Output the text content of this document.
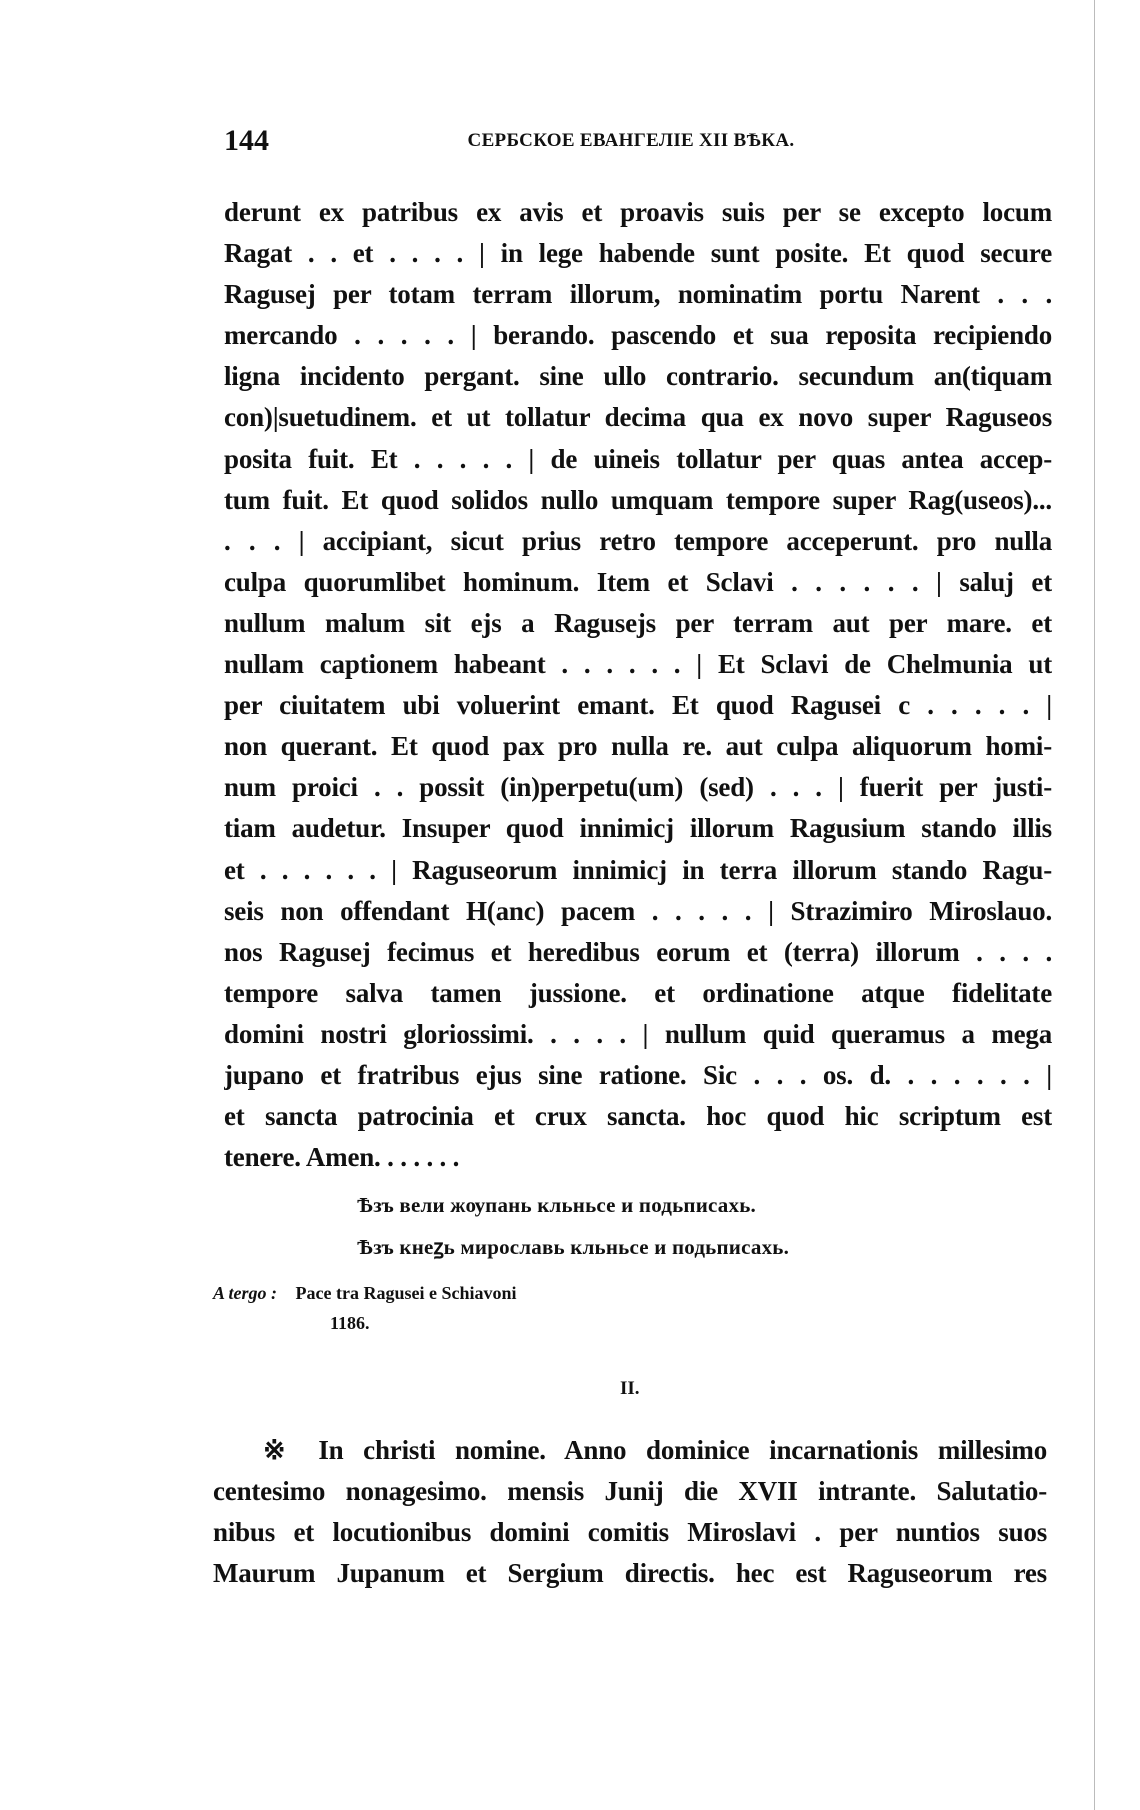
144	СЕРБСКОЕ ЕВАНГЕЛІЕ XII ВѢКА.
derunt ex patribus ex avis et proavis suis per se excepto locum
Ragat . . et . . . . | in lege habende sunt posite. Et quod secure
Ragusej per totam terram illorum, nominatim portu Narent . . .
mercando . . . . . | berando. pascendo et sua reposita recipiendo
ligna incidento pergant. sine ullo contrario. secundum an(tiquam
con)|suetudinem. et ut tollatur decima qua ex novo super Raguseos
posita fuit. Et . . . . . | de uineis tollatur per quas antea accep-
tum fuit. Et quod solidos nullo umquam tempore super Rag(useos)...
. . . | accipiant, sicut prius retro tempore acceperunt. pro nulla
culpa quorumlibet hominum. Item et Sclavi . . . . . . | saluj et
nullum malum sit ejs a Ragusejs per terram aut per mare. et
nullam captionem habeant . . . . . . | Et Sclavi de Chelmunia ut
per ciuitatem ubi voluerint emant. Et quod Ragusei c . . . . . |
non querant. Et quod pax pro nulla re. aut culpa aliquorum homi-
num proici . . possit (in)perpetu(um) (sed) . . . | fuerit per justi-
tiam audetur. Insuper quod innimicj illorum Ragusium stando illis
et . . . . . . | Raguseorum innimicj in terra illorum stando Ragu-
seis non offendant H(anc) pacem . . . . . | Strazimiro Miroslauo.
nos Ragusej fecimus et heredibus eorum et (terra) illorum . . . .
tempore salva tamen jussione. et ordinatione atque fidelitate
domini nostri gloriossimi. . . . . | nullum quid queramus a mega
jupano et fratribus ejus sine ratione. Sic . . . os. d. . . . . . . |
et sancta patrocinia et crux sancta. hoc quod hic scriptum est
tenere. Amen. . . . . . .
Ѣзъ вели жѹпань кльньсе и подьписахь.
Ѣзъ кнеꙁь мирославь кльньсе и подьписахь.
A tergo : Pace tra Ragusei e Schiavoni
1186.
II.
※ In christi nomine. Anno dominice incarnationis millesimo
centesimo nonagesimo. mensis Junij die XVII intrante. Salutatio-
nibus et locutionibus domini comitis Miroslavi . per nuntios suos
Maurum Jupanum et Sergium directis. hec est Raguseorum res
